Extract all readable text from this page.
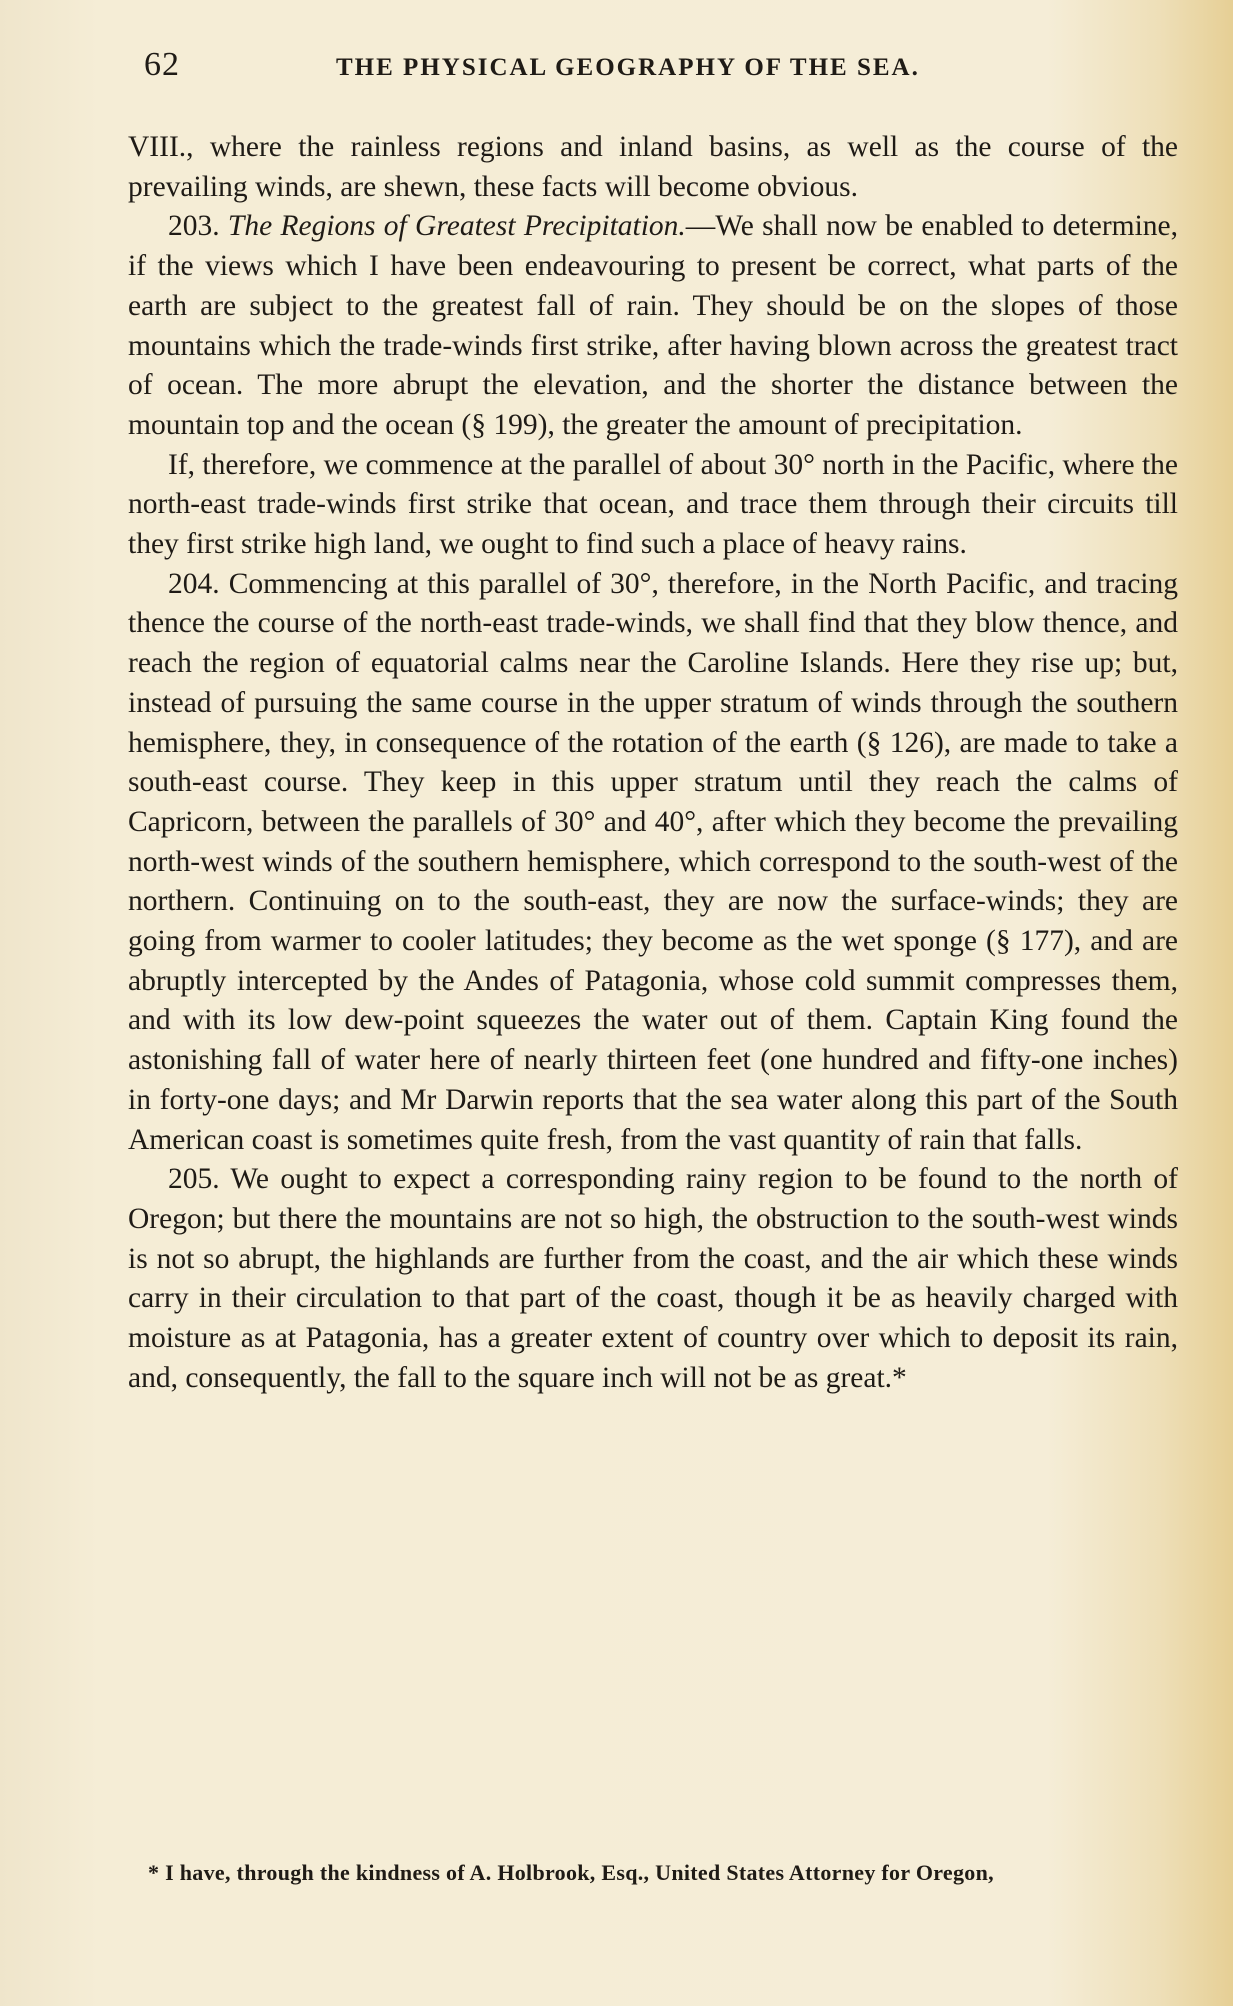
62	THE PHYSICAL GEOGRAPHY OF THE SEA.

VIII., where the rainless regions and inland basins, as well as the course of the prevailing winds, are shewn, these facts will become obvious.

203. The Regions of Greatest Precipitation.—We shall now be enabled to determine, if the views which I have been endeavouring to present be correct, what parts of the earth are subject to the greatest fall of rain. They should be on the slopes of those mountains which the trade-winds first strike, after having blown across the greatest tract of ocean. The more abrupt the elevation, and the shorter the distance between the mountain top and the ocean (§ 199), the greater the amount of precipitation.

If, therefore, we commence at the parallel of about 30° north in the Pacific, where the north-east trade-winds first strike that ocean, and trace them through their circuits till they first strike high land, we ought to find such a place of heavy rains.

204. Commencing at this parallel of 30°, therefore, in the North Pacific, and tracing thence the course of the north-east trade-winds, we shall find that they blow thence, and reach the region of equatorial calms near the Caroline Islands. Here they rise up; but, instead of pursuing the same course in the upper stratum of winds through the southern hemisphere, they, in consequence of the rotation of the earth (§ 126), are made to take a south-east course. They keep in this upper stratum until they reach the calms of Capricorn, between the parallels of 30° and 40°, after which they become the prevailing north-west winds of the southern hemisphere, which correspond to the south-west of the northern. Continuing on to the south-east, they are now the surface-winds; they are going from warmer to cooler latitudes; they become as the wet sponge (§ 177), and are abruptly intercepted by the Andes of Patagonia, whose cold summit compresses them, and with its low dew-point squeezes the water out of them. Captain King found the astonishing fall of water here of nearly thirteen feet (one hundred and fifty-one inches) in forty-one days; and Mr Darwin reports that the sea water along this part of the South American coast is sometimes quite fresh, from the vast quantity of rain that falls.

205. We ought to expect a corresponding rainy region to be found to the north of Oregon; but there the mountains are not so high, the obstruction to the south-west winds is not so abrupt, the highlands are further from the coast, and the air which these winds carry in their circulation to that part of the coast, though it be as heavily charged with moisture as at Patagonia, has a greater extent of country over which to deposit its rain, and, consequently, the fall to the square inch will not be as great.*

* I have, through the kindness of A. Holbrook, Esq., United States Attorney for Oregon,
